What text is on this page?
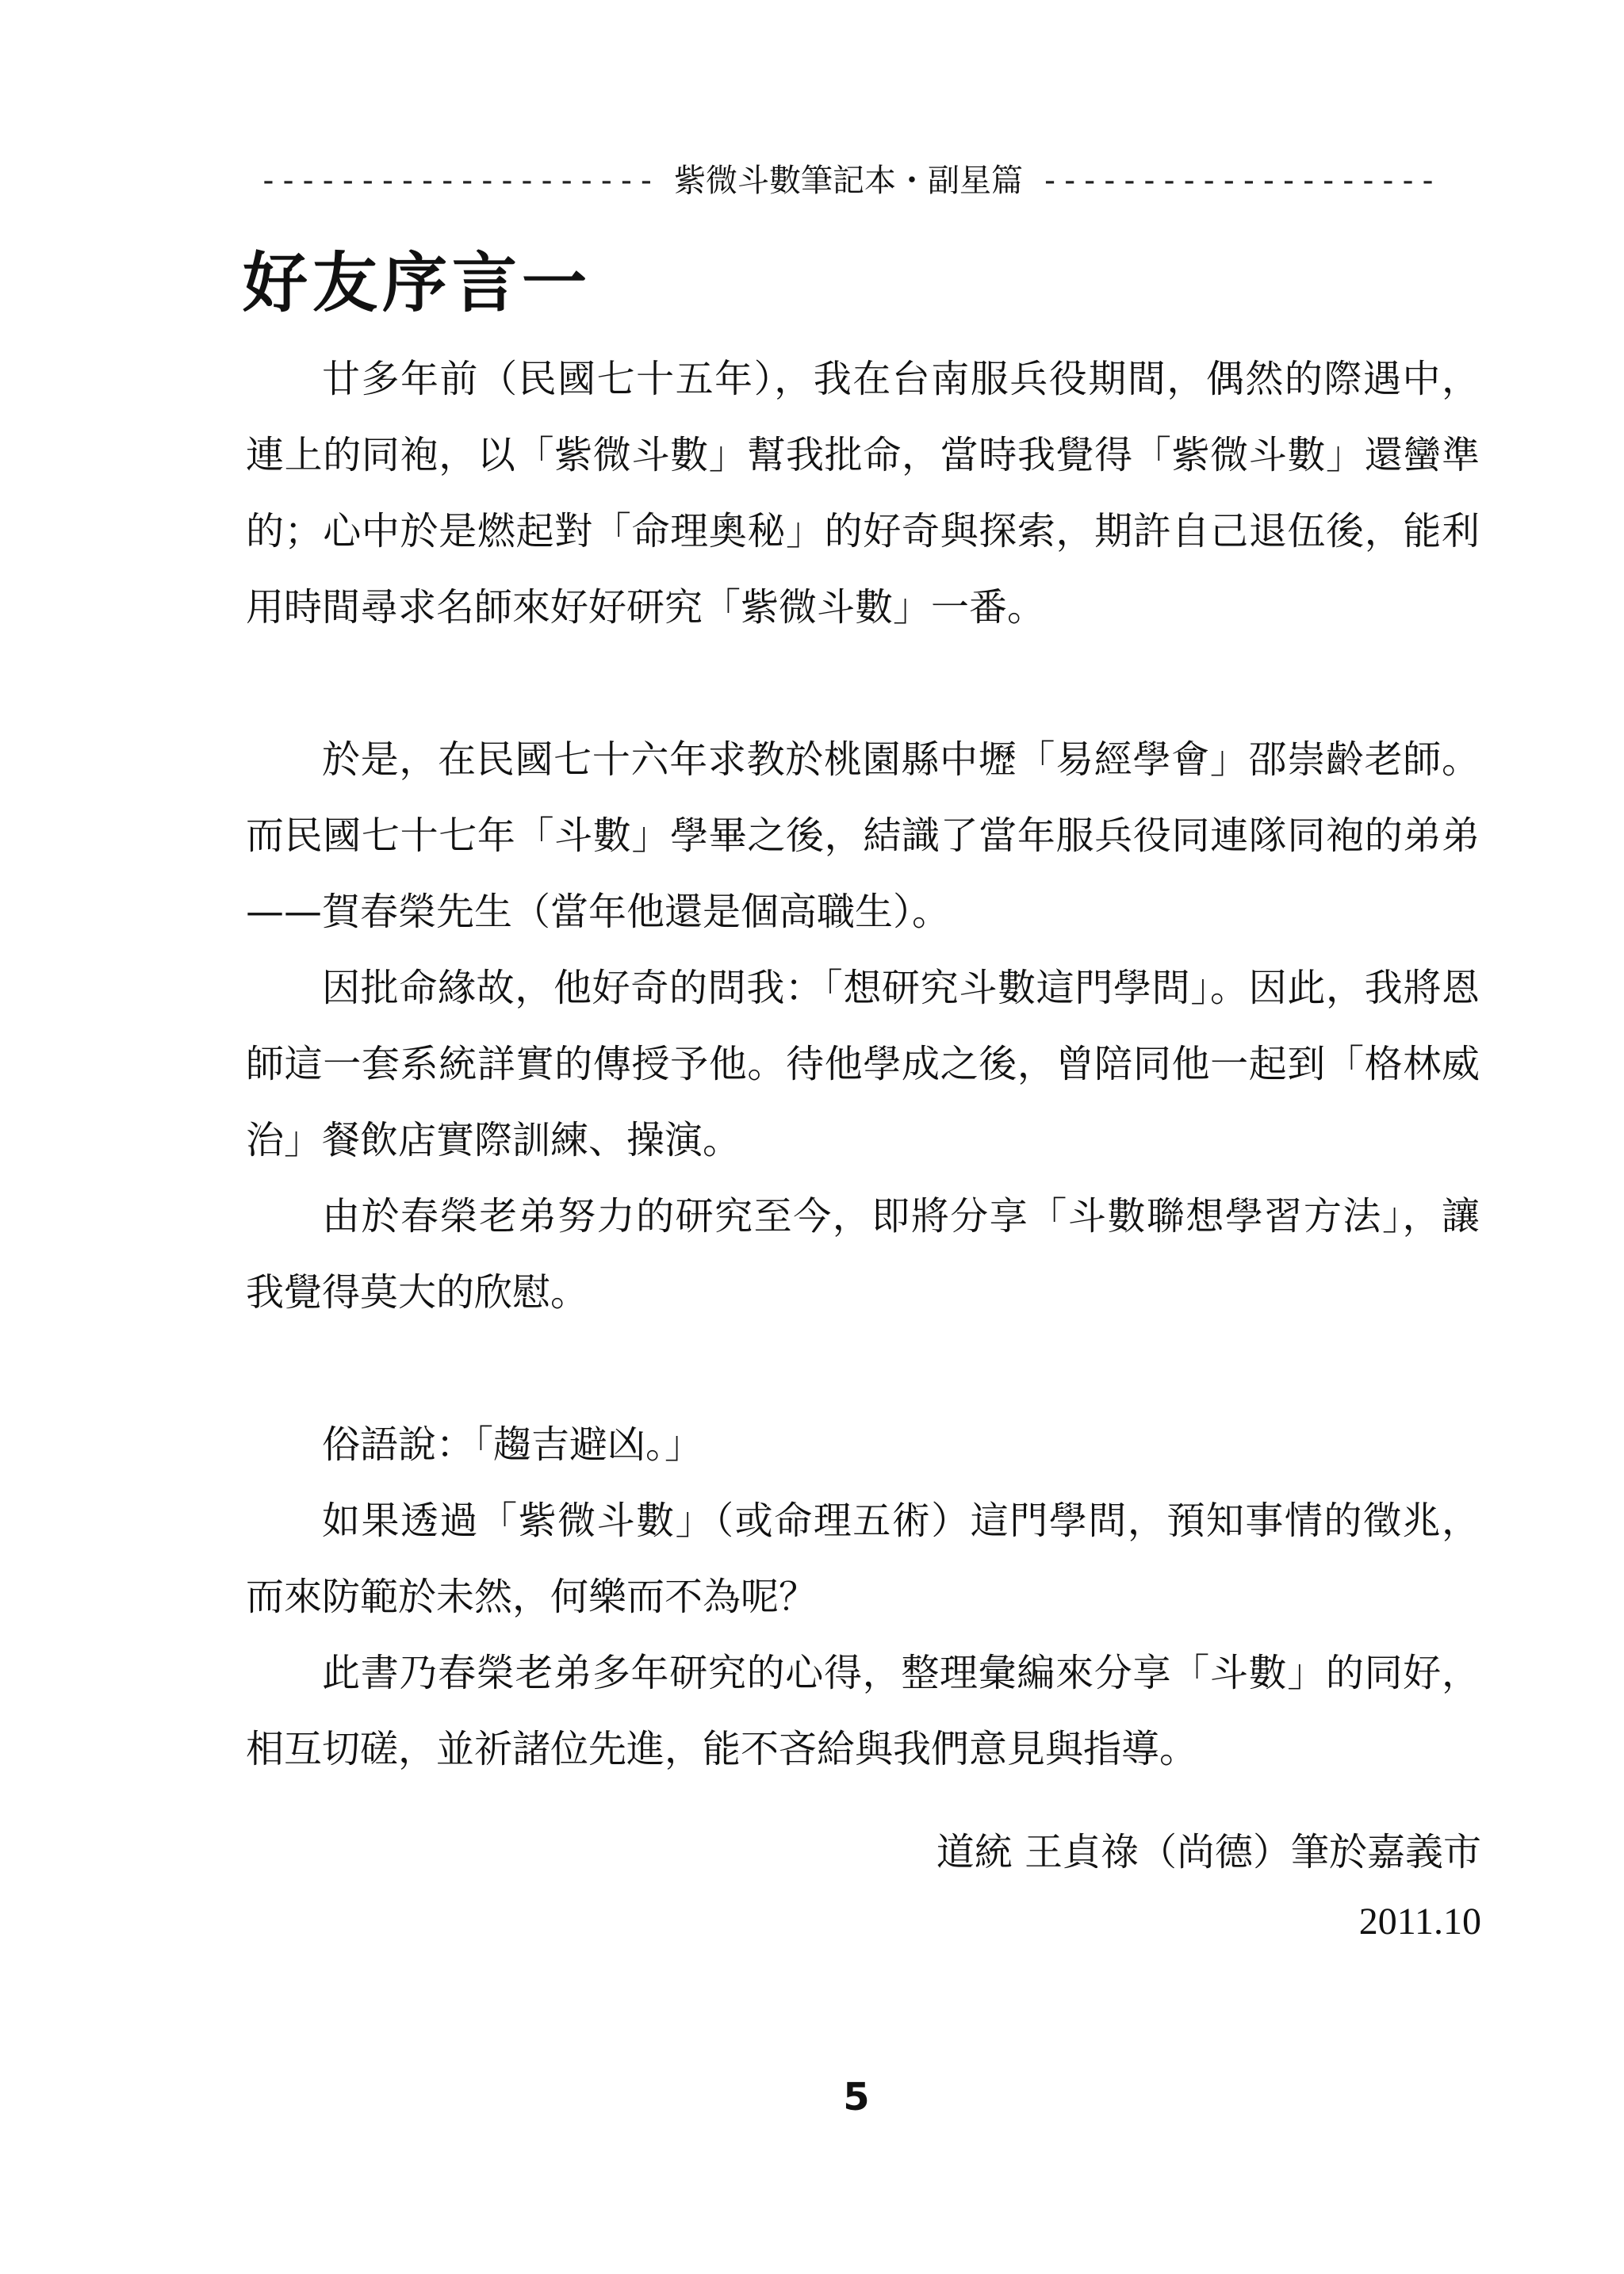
-------------------- 紫微斗數筆記本・副星篇 --------------------
好友序言一

廿多年前（民國七十五年），我在台南服兵役期間，偶然的際遇中，連上的同袍，以「紫微斗數」幫我批命，當時我覺得「紫微斗數」還蠻準的；心中於是燃起對「命理奧秘」的好奇與探索，期許自己退伍後，能利用時間尋求名師來好好研究「紫微斗數」一番。

於是，在民國七十六年求教於桃園縣中壢「易經學會」邵崇齡老師。而民國七十七年「斗數」學畢之後，結識了當年服兵役同連隊同袍的弟弟——賀春榮先生（當年他還是個高職生）。

因批命緣故，他好奇的問我：「想研究斗數這門學問」。因此，我將恩師這一套系統詳實的傳授予他。待他學成之後，曾陪同他一起到「格林威治」餐飲店實際訓練、操演。

由於春榮老弟努力的研究至今，即將分享「斗數聯想學習方法」，讓我覺得莫大的欣慰。

俗語說：「趨吉避凶。」

如果透過「紫微斗數」（或命理五術）這門學問，預知事情的徵兆，而來防範於未然，何樂而不為呢？

此書乃春榮老弟多年研究的心得，整理彙編來分享「斗數」的同好，相互切磋，並祈諸位先進，能不吝給與我們意見與指導。

道統 王貞祿（尚德）筆於嘉義市
2011.10
5
